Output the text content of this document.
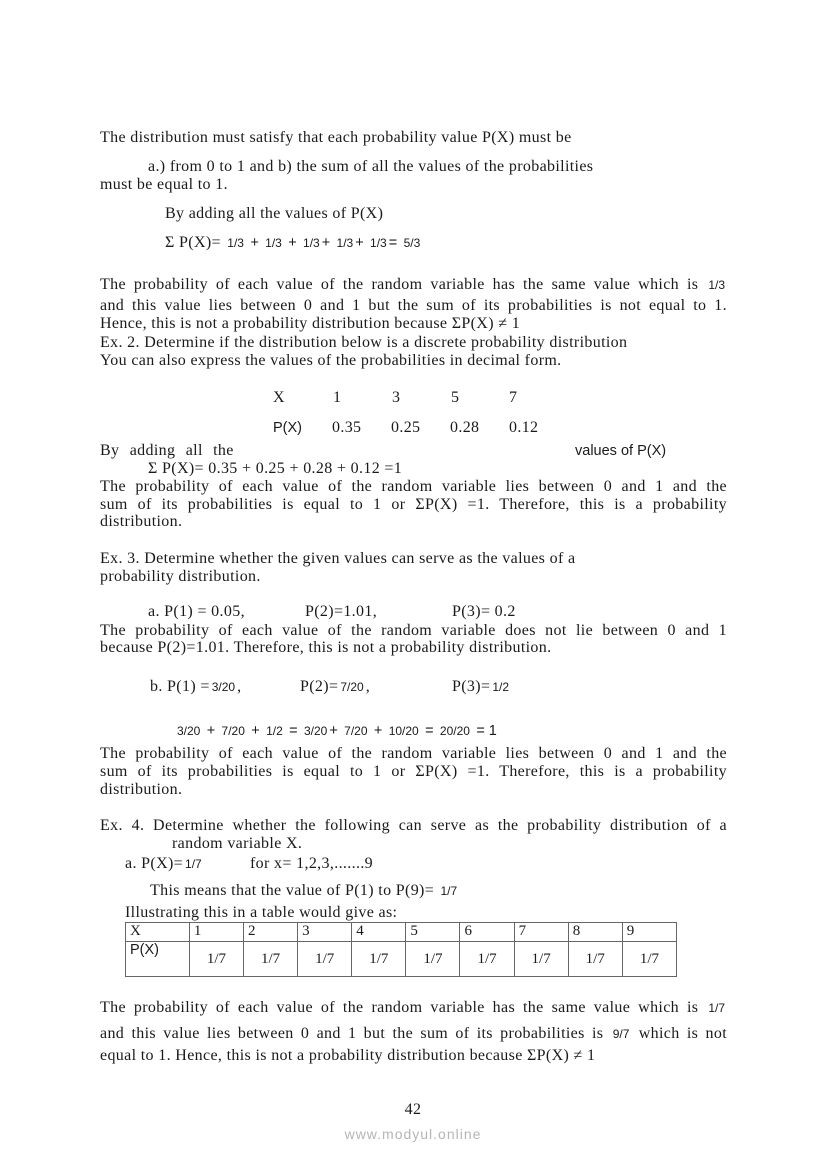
The distribution must satisfy that each probability value P(X) must be
a.) from 0 to 1 and b) the sum of all the values of the probabilities
must be equal to 1.
By adding all the values of P(X)
Σ P(X)= 1/3 + 1/3 + 1/3 + 1/3 + 1/3 = 5/3
The probability of each value of the random variable has the same value which is 1/3
and this value lies between 0 and 1 but the sum of its probabilities is not equal to 1.
Hence, this is not a probability distribution because ΣP(X) ≠ 1
Ex. 2. Determine if the distribution below is a discrete probability distribution
You can also express the values of the probabilities in decimal form.
X	1	3	5	7
P(X) 0.35 0.25 0.28 0.12
By adding all the	values of P(X)
Σ P(X)= 0.35 + 0.25 + 0.28 + 0.12 =1
The probability of each value of the random variable lies between 0 and 1 and the
sum of its probabilities is equal to 1 or ΣP(X) =1. Therefore, this is a probability
distribution.
Ex. 3. Determine whether the given values can serve as the values of a
probability distribution.
a. P(1) = 0.05,	P(2)=1.01,	P(3)= 0.2
The probability of each value of the random variable does not lie between 0 and 1
because P(2)=1.01. Therefore, this is not a probability distribution.
b. P(1) = 3/20 ,	P(2)= 7/20 ,	P(3)= 1/2
3/20 + 7/20 + 1/2 = 3/20 + 7/20 + 10/20 = 20/20 = 1
The probability of each value of the random variable lies between 0 and 1 and the
sum of its probabilities is equal to 1 or ΣP(X) =1. Therefore, this is a probability
distribution.
Ex. 4. Determine whether the following can serve as the probability distribution of a
random variable X.
a. P(X)= 1/7	for x= 1,2,3,.......9
This means that the value of P(1) to P(9)= 1/7
Illustrating this in a table would give as:
X	1	2	3	4	5	6	7	8	9
P(X)	1/7	1/7	1/7	1/7	1/7	1/7	1/7	1/7	1/7
The probability of each value of the random variable has the same value which is 1/7
and this value lies between 0 and 1 but the sum of its probabilities is 9/7 which is not
equal to 1. Hence, this is not a probability distribution because ΣP(X) ≠ 1
42
www.modyul.online
